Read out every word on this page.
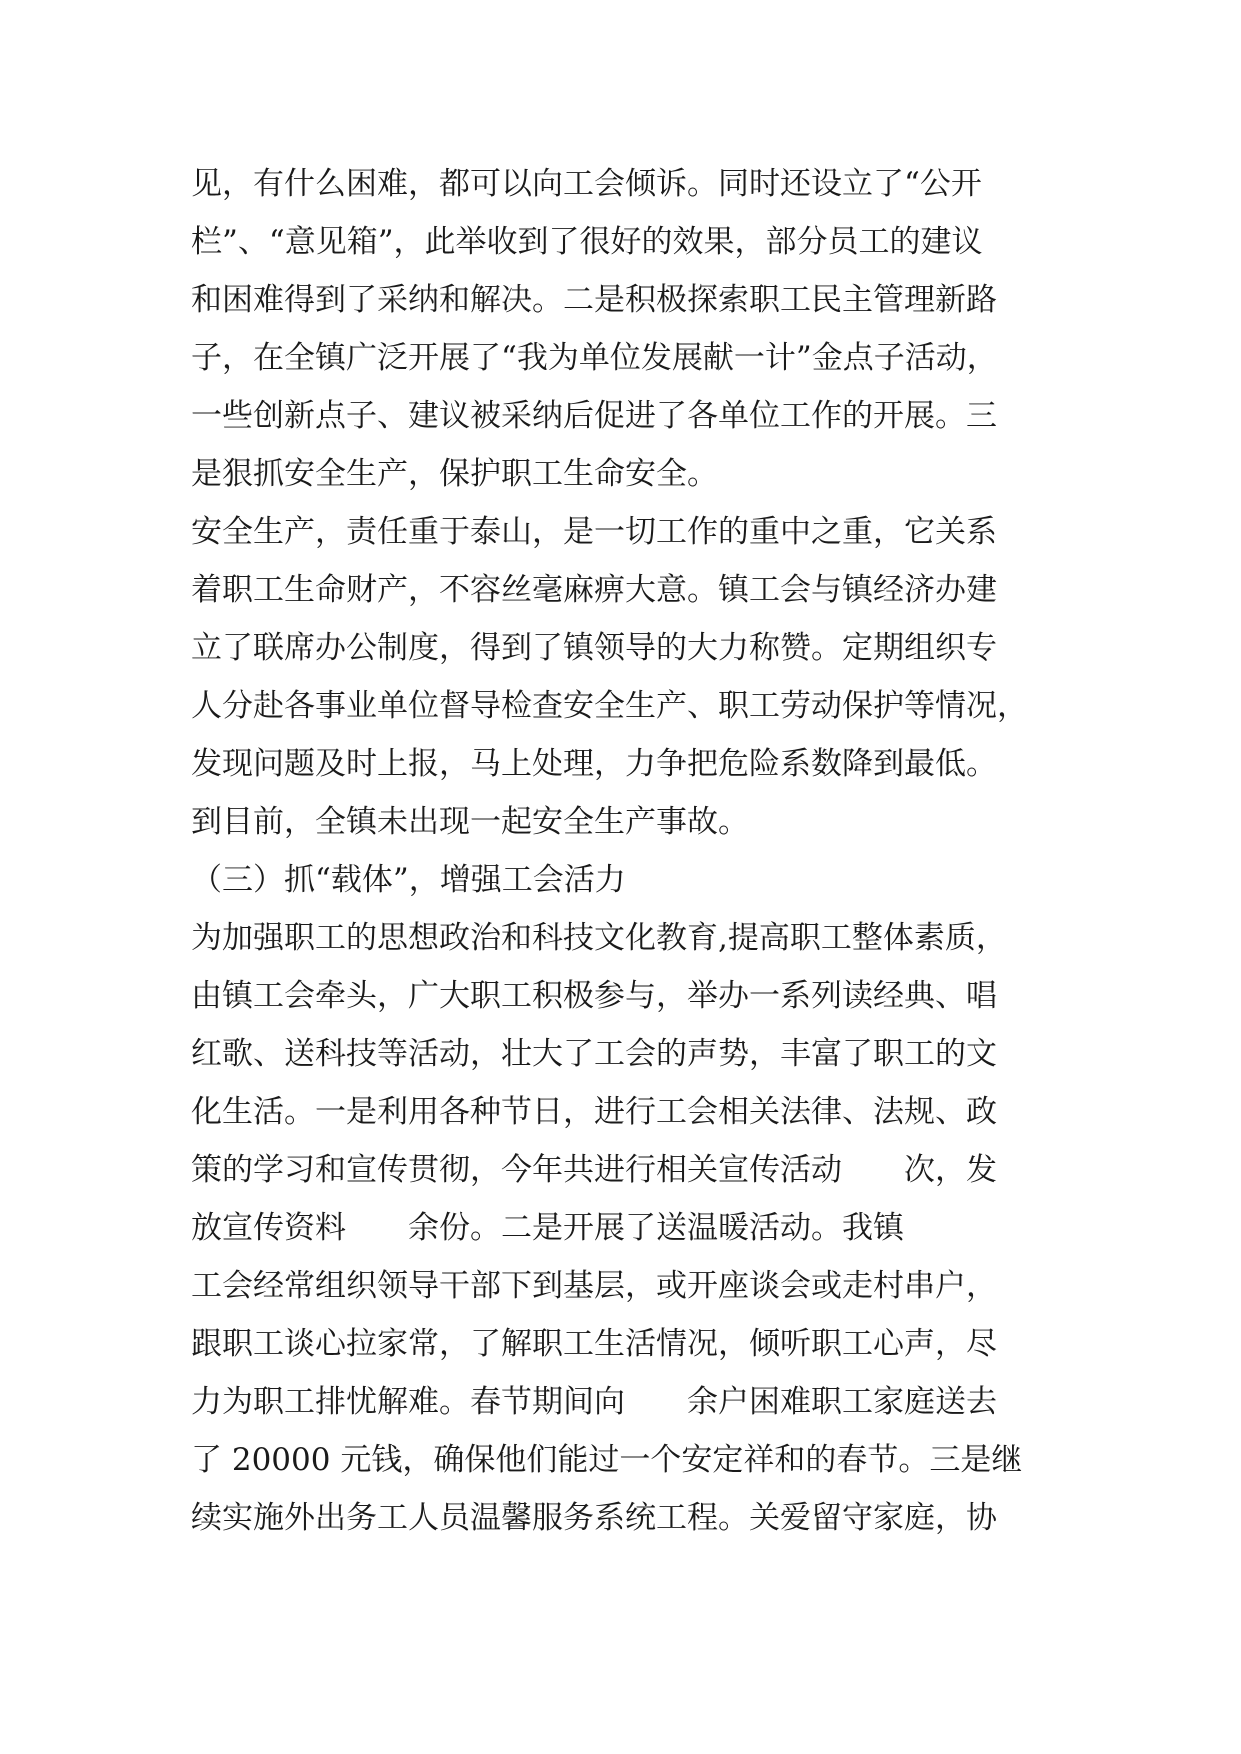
见，有什么困难，都可以向工会倾诉。同时还设立了“公开

栏”、“意见箱”，此举收到了很好的效果，部分员工的建议

和困难得到了采纳和解决。二是积极探索职工民主管理新路

子，在全镇广泛开展了“我为单位发展献一计”金点子活动，

一些创新点子、建议被采纳后促进了各单位工作的开展。三

是狠抓安全生产，保护职工生命安全。

安全生产，责任重于泰山，是一切工作的重中之重，它关系

着职工生命财产，不容丝毫麻痹大意。镇工会与镇经济办建

立了联席办公制度，得到了镇领导的大力称赞。定期组织专

人分赴各事业单位督导检查安全生产、职工劳动保护等情况，

发现问题及时上报，马上处理，力争把危险系数降到最低。

到目前，全镇未出现一起安全生产事故。

（三）抓“载体”，增强工会活力

为加强职工的思想政治和科技文化教育,提高职工整体素质，

由镇工会牵头，广大职工积极参与，举办一系列读经典、唱

红歌、送科技等活动，壮大了工会的声势，丰富了职工的文

化生活。一是利用各种节日，进行工会相关法律、法规、政

策的学习和宣传贯彻，今年共进行相关宣传活动　　次，发

放宣传资料　　余份。二是开展了送温暖活动。我镇

工会经常组织领导干部下到基层，或开座谈会或走村串户，

跟职工谈心拉家常，了解职工生活情况，倾听职工心声，尽

力为职工排忧解难。春节期间向　　余户困难职工家庭送去

了 20000 元钱，确保他们能过一个安定祥和的春节。三是继

续实施外出务工人员温馨服务系统工程。关爱留守家庭，协
